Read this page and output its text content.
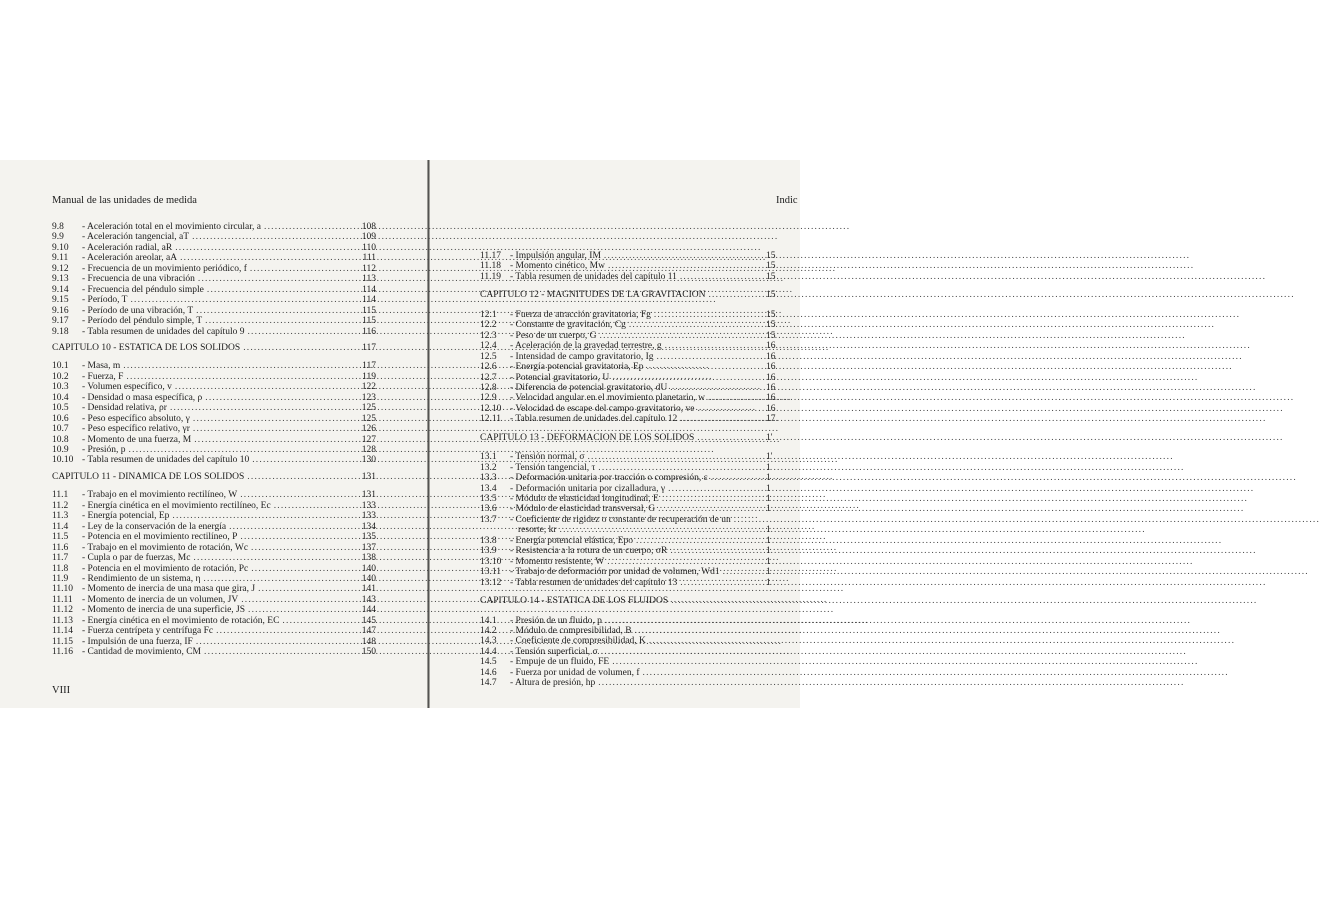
Manual de las unidades de medida
9.8 - Aceleración total en el movimiento circular, a .....	108
9.9 - Aceleración tangencial, aT .....	109
9.10 - Aceleración radial, aR .....	110
9.11 - Aceleración areolar, aA .....	111
9.12 - Frecuencia de un movimiento periódico, f .....	112
9.13 - Frecuencia de una vibración .....	113
9.14 - Frecuencia del péndulo simple .....	114
9.15 - Período, T .....	114
9.16 - Período de una vibración, T .....	115
9.17 - Período del péndulo simple, T .....	115
9.18 - Tabla resumen de unidades del capítulo 9 .....	116
CAPITULO 10 - ESTATICA DE LOS SOLIDOS .....	117
10.1 - Masa, m .....	117
10.2 - Fuerza, F .....	119
10.3 - Volumen específico, v .....	122
10.4 - Densidad o masa específica, ρ .....	123
10.5 - Densidad relativa, ρr .....	125
10.6 - Peso específico absoluto, γ .....	125
10.7 - Peso específico relativo, γr .....	126
10.8 - Momento de una fuerza, M .....	127
10.9 - Presión, p .....	128
10.10 - Tabla resumen de unidades del capítulo 10 .....	130
CAPITULO 11 - DINAMICA DE LOS SOLIDOS .....	131
11.1 - Trabajo en el movimiento rectilíneo, W .....	131
11.2 - Energía cinética en el movimiento rectilíneo, Ec .....	133
11.3 - Energía potencial, Ep .....	133
11.4 - Ley de la conservación de la energía .....	134
11.5 - Potencia en el movimiento rectilíneo, P .....	135
11.6 - Trabajo en el movimiento de rotación, Wc .....	137
11.7 - Cupla o par de fuerzas, Mc .....	138
11.8 - Potencia en el movimiento de rotación, Pc .....	140
11.9 - Rendimiento de un sistema, η .....	140
11.10 - Momento de inercia de una masa que gira, J .....	141
11.11 - Momento de inercia de un volumen, JV .....	143
11.12 - Momento de inercia de una superficie, JS .....	144
11.13 - Energía cinética en el movimiento de rotación, EC .....	145
11.14 - Fuerza centrípeta y centrífuga Fc .....	147
11.15 - Impulsión de una fuerza, IF .....	148
11.16 - Cantidad de movimiento, CM .....	150
VIII
Indic
11.17 - Impulsión angular, IM .....	15
11.18 - Momento cinético, Mw .....	15
11.19 - Tabla resumen de unidades del capítulo 11 .....	15
CAPITULO 12 - MAGNITUDES DE LA GRAVITACION .....	15
12.1 - Fuerza de atracción gravitatoria, Fg .....	15
12.2 - Constante de gravitación, Cg .....	15
12.3 - Peso de un cuerpo, G .....	15
12.4 - Aceleración de la gravedad terrestre, g .....	16
12.5 - Intensidad de campo gravitatorio, Ig .....	16
12.6 - Energía potencial gravitatoria, Ep .....	16
12.7 - Potencial gravitatorio, U .....	16
12.8 - Diferencia de potencial gravitatorio, dU .....	16
12.9 - Velocidad angular en el movimiento planetario, w .....	16
12.10 - Velocidad de escape del campo gravitatorio, ve .....	16
12.11 - Tabla resumen de unidades del capítulo 12 .....	17
CAPITULO 13 - DEFORMACION DE LOS SOLIDOS .....	1'
13.1 - Tensión normal, σ .....	1'
13.2 - Tensión tangencial, τ .....	1
13.3 - Deformación unitaria por tracción o compresión, ε .....	1
13.4 - Deformación unitaria por cizalladura, γ .....	1
13.5 - Módulo de elasticidad longitudinal, E .....	1
13.6 - Módulo de elasticidad transversal, G .....	1
13.7 - Coeficiente de rigidez o constante de recuperación de un
.....
resorte, kr .....	1
13.8 - Energía potencial elástica, Epo .....	1
13.9 - Resistencia a la rotura de un cuerpo, σR .....	1
13.10 - Momento resistente, W .....	1
13.11 - Trabajo de deformación por unidad de volumen, Wd1 .....	1
13.12 - Tabla resumen de unidades del capítulo 13 .....	1
CAPITULO 14 - ESTATICA DE LOS FLUIDOS
.....
14.1 - Presión de un fluido, p
.....
14.2 - Módulo de compresibilidad, B
.....
14.3 - Coeficiente de compresibilidad, K
.....
14.4 - Tensión superficial, σ
.....
14.5 - Empuje de un fluido, FE
.....
14.6 - Fuerza por unidad de volumen, f
.....
14.7 - Altura de presión, hp
.....
